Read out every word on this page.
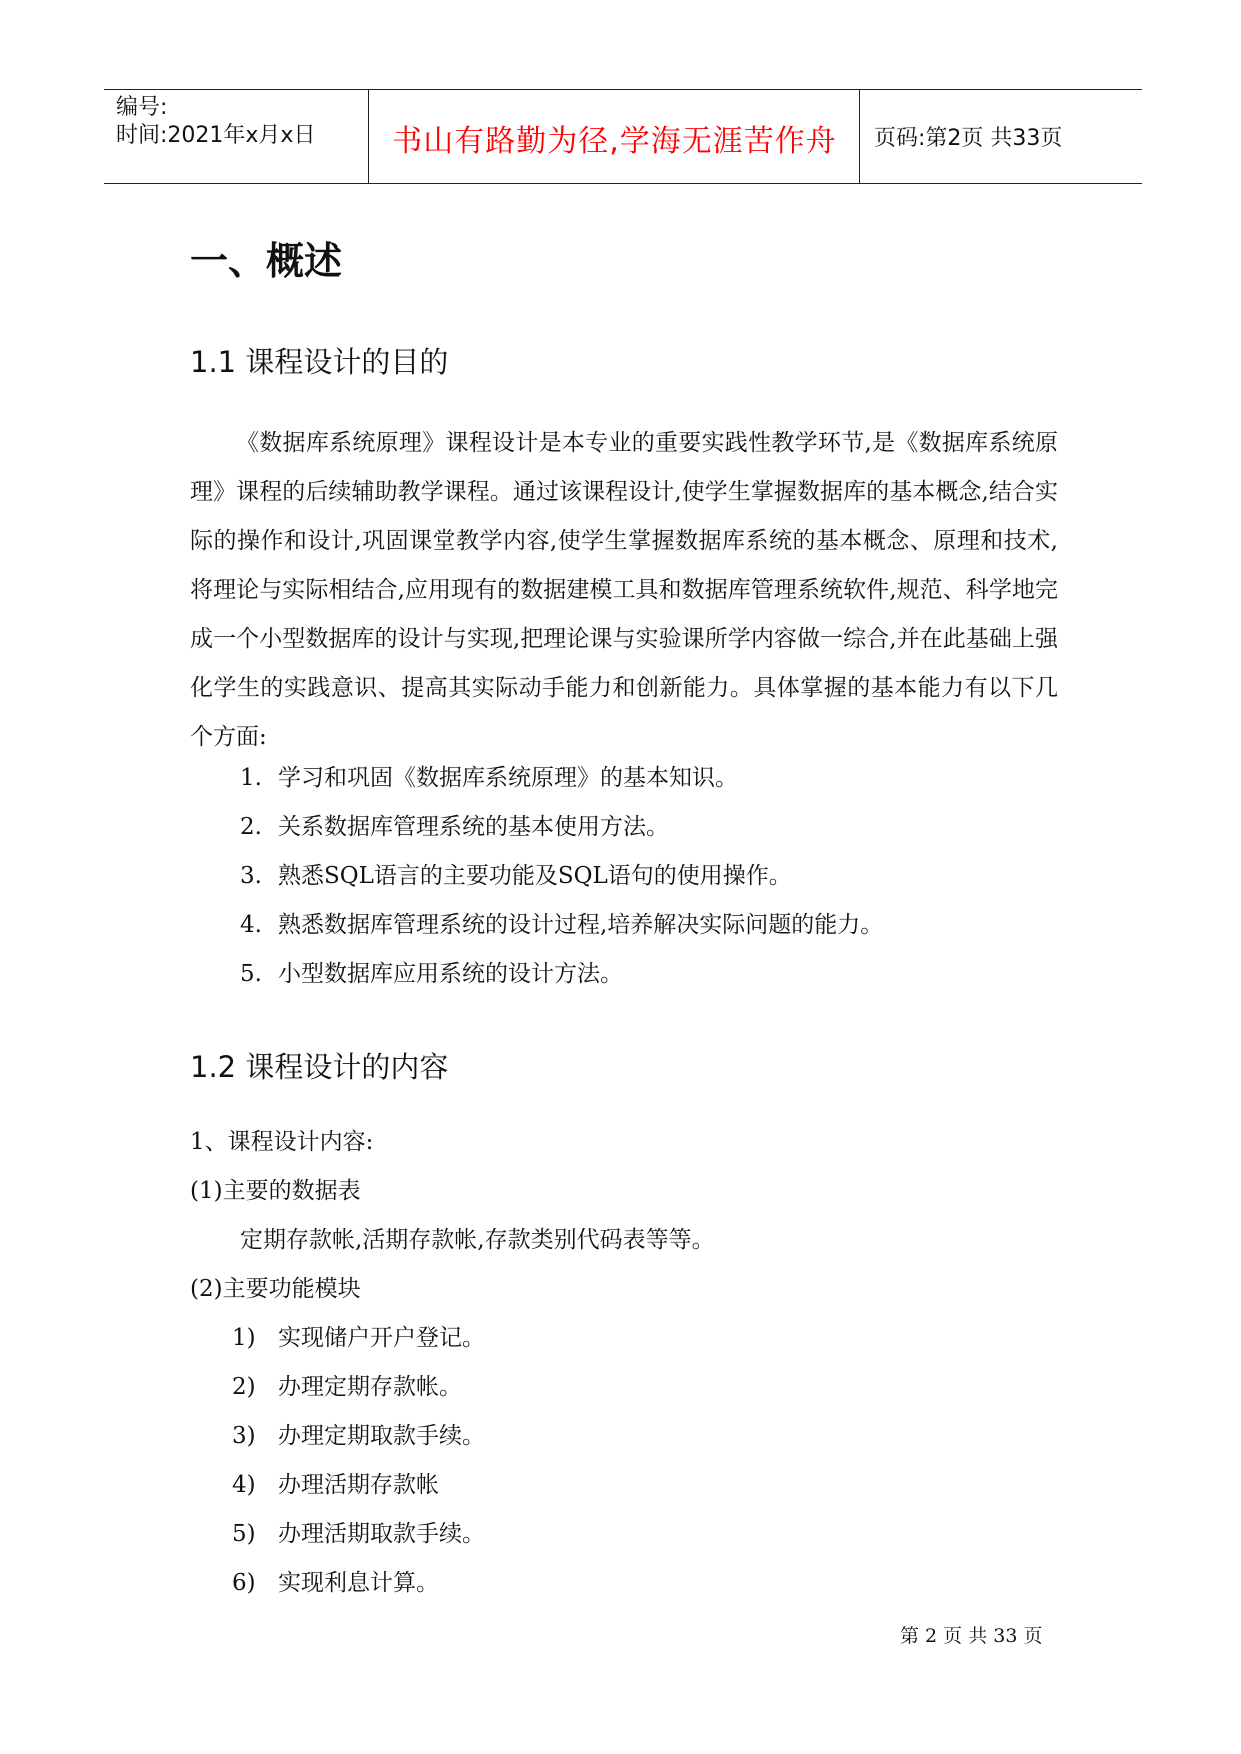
编号:
时间:2021年x月x日	书山有路勤为径,学海无涯苦作舟	页码:第2页 共33页
一、概述
1.1 课程设计的目的

《数据库系统原理》课程设计是本专业的重要实践性教学环节,是《数据库系统原理》课程的后续辅助教学课程。通过该课程设计,使学生掌握数据库的基本概念,结合实际的操作和设计,巩固课堂教学内容,使学生掌握数据库系统的基本概念、原理和技术,将理论与实际相结合,应用现有的数据建模工具和数据库管理系统软件,规范、科学地完成一个小型数据库的设计与实现,把理论课与实验课所学内容做一综合,并在此基础上强化学生的实践意识、提高其实际动手能力和创新能力。具体掌握的基本能力有以下几个方面:

1. 学习和巩固《数据库系统原理》的基本知识。
2. 关系数据库管理系统的基本使用方法。
3. 熟悉SQL语言的主要功能及SQL语句的使用操作。
4. 熟悉数据库管理系统的设计过程,培养解决实际问题的能力。
5. 小型数据库应用系统的设计方法。
1.2 课程设计的内容
1、课程设计内容:
(1)主要的数据表
定期存款帐,活期存款帐,存款类别代码表等等。
(2)主要功能模块
1) 实现储户开户登记。
2) 办理定期存款帐。
3) 办理定期取款手续。
4) 办理活期存款帐
5) 办理活期取款手续。
6) 实现利息计算。
第 2 页 共 33 页
